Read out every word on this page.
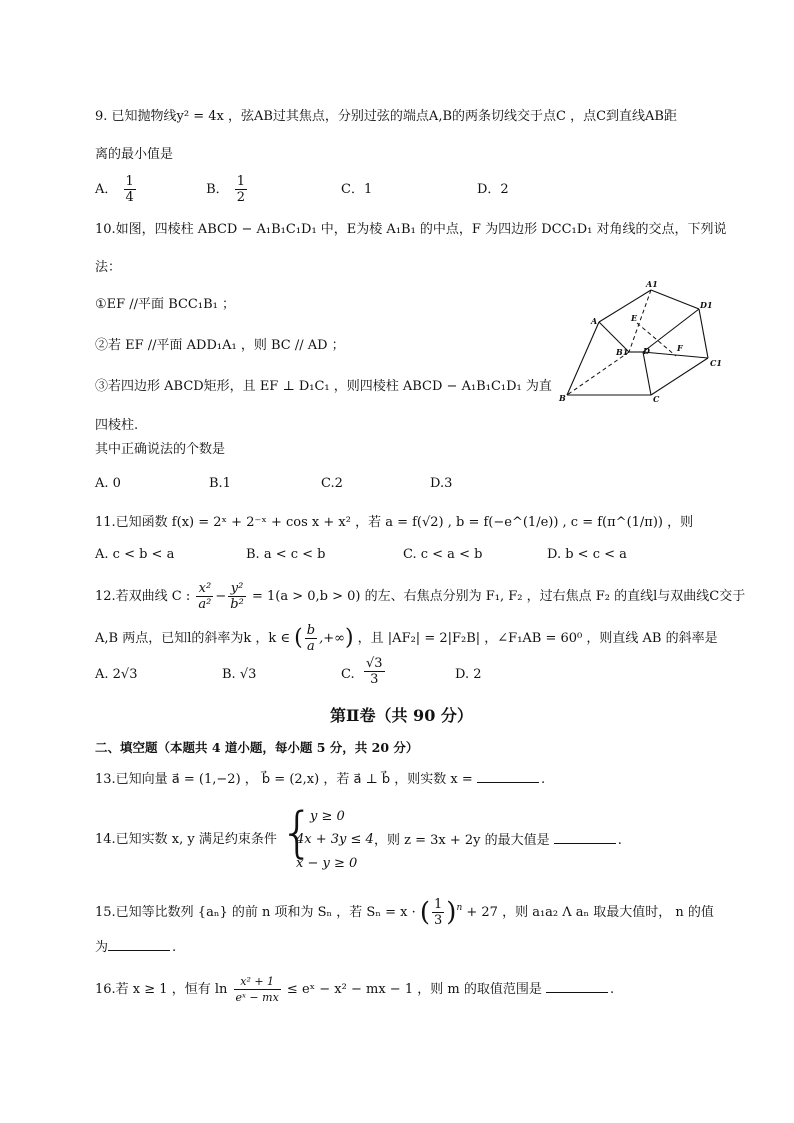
9. 已知抛物线y² = 4x ，弦AB过其焦点，分别过弦的端点A,B的两条切线交于点C ，点C到直线AB距
离的最小值是
A． $\frac{1}{4}$	B． $\frac{1}{2}$	C．1	D．2
10.如图，四棱柱 ABCD − A₁B₁C₁D₁ 中，E为棱 A₁B₁ 的中点，F 为四边形 DCC₁D₁ 对角线的交点，下列说
法：
①EF //平面 BCC₁B₁ ；
②若 EF //平面 ADD₁A₁ ，则 BC // AD ；
③若四边形 ABCD矩形，且 EF ⊥ D₁C₁ ，则四棱柱 ABCD − A₁B₁C₁D₁ 为直
四棱柱.
其中正确说法的个数是
A. 0	B.1	C.2	D.3
A1
D1
A	E
B1 D	F
C1
B	C
11.已知函数 f(x) = 2ˣ + 2⁻ˣ + cos x + x² ，若 a = f(√2) , b = f(−e^(1/e)) , c = f(π^(1/π)) ，则
A. c < b < a	B. a < c < b	C. c < a < b	D. b < c < a
12.若双曲线 C : $\frac{\text{x²}}{\text{a²}} - \frac{\text{y²}}{\text{b²}} = 1(a > 0,b > 0)$ 的左、右焦点分别为 F₁, F₂ ，过右焦点 F₂ 的直线l与双曲线C交于
A,B 两点，已知l的斜率为k ，k ∈ ( $\frac{b}{a}$ ,+∞) ，且 |AF₂| = 2|F₂B| ，∠F₁AB = 60⁰ ，则直线 AB 的斜率是
A. 2√3	B. √3	C. $\frac{√3}{3}$	D. 2
第Ⅱ卷（共 90 分）
二、填空题（本题共 4 道小题，每小题 5 分，共 20 分）
13.已知向量 a⃗ = (1,−2) ， b⃗ = (2,x) ，若 a⃗ ⊥ b⃗ ，则实数 x =	.
14.已知实数 x, y 满足约束条件 {
y ≥ 0
4x + 3y ≤ 4
x − y ≥ 0
，则 z = 3x + 2y 的最大值是	.
15.已知等比数列 {aₙ} 的前 n 项和为 Sₙ ，若 Sₙ = x · ( $\frac{1}{3} )^n + 27$ ，则 a₁a₂ Λ aₙ 取最大值时， n 的值
为	.
16.若 x ≥ 1 ，恒有 $\ln \frac{\text{x² + 1}}{\text{eˣ − mx}}$ ≤ eˣ − x² − mx − 1 ，则 m 的取值范围是	.
